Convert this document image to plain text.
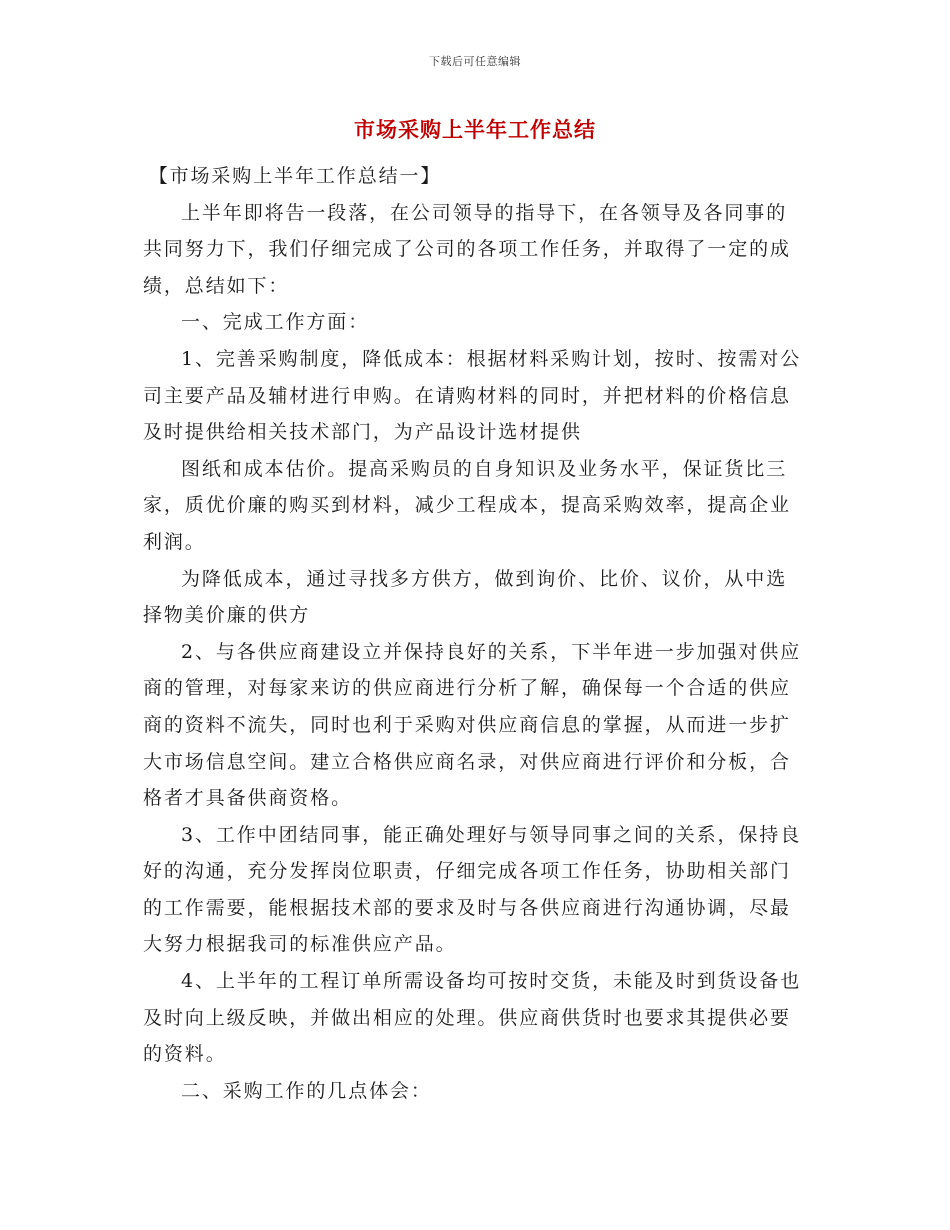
下载后可任意编辑
市场采购上半年工作总结

【市场采购上半年工作总结一】

上半年即将告一段落，在公司领导的指导下，在各领导及各同事的共同努力下，我们仔细完成了公司的各项工作任务，并取得了一定的成绩，总结如下：

一、完成工作方面：

1、完善采购制度，降低成本：根据材料采购计划，按时、按需对公司主要产品及辅材进行申购。在请购材料的同时，并把材料的价格信息及时提供给相关技术部门，为产品设计选材提供

图纸和成本估价。提高采购员的自身知识及业务水平，保证货比三家，质优价廉的购买到材料，减少工程成本，提高采购效率，提高企业利润。

为降低成本，通过寻找多方供方，做到询价、比价、议价，从中选择物美价廉的供方

2、与各供应商建设立并保持良好的关系，下半年进一步加强对供应商的管理，对每家来访的供应商进行分析了解，确保每一个合适的供应商的资料不流失，同时也利于采购对供应商信息的掌握，从而进一步扩大市场信息空间。建立合格供应商名录，对供应商进行评价和分板，合格者才具备供商资格。

3、工作中团结同事，能正确处理好与领导同事之间的关系，保持良好的沟通，充分发挥岗位职责，仔细完成各项工作任务，协助相关部门的工作需要，能根据技术部的要求及时与各供应商进行沟通协调，尽最大努力根据我司的标准供应产品。

4、上半年的工程订单所需设备均可按时交货，未能及时到货设备也及时向上级反映，并做出相应的处理。供应商供货时也要求其提供必要的资料。

二、采购工作的几点体会：
